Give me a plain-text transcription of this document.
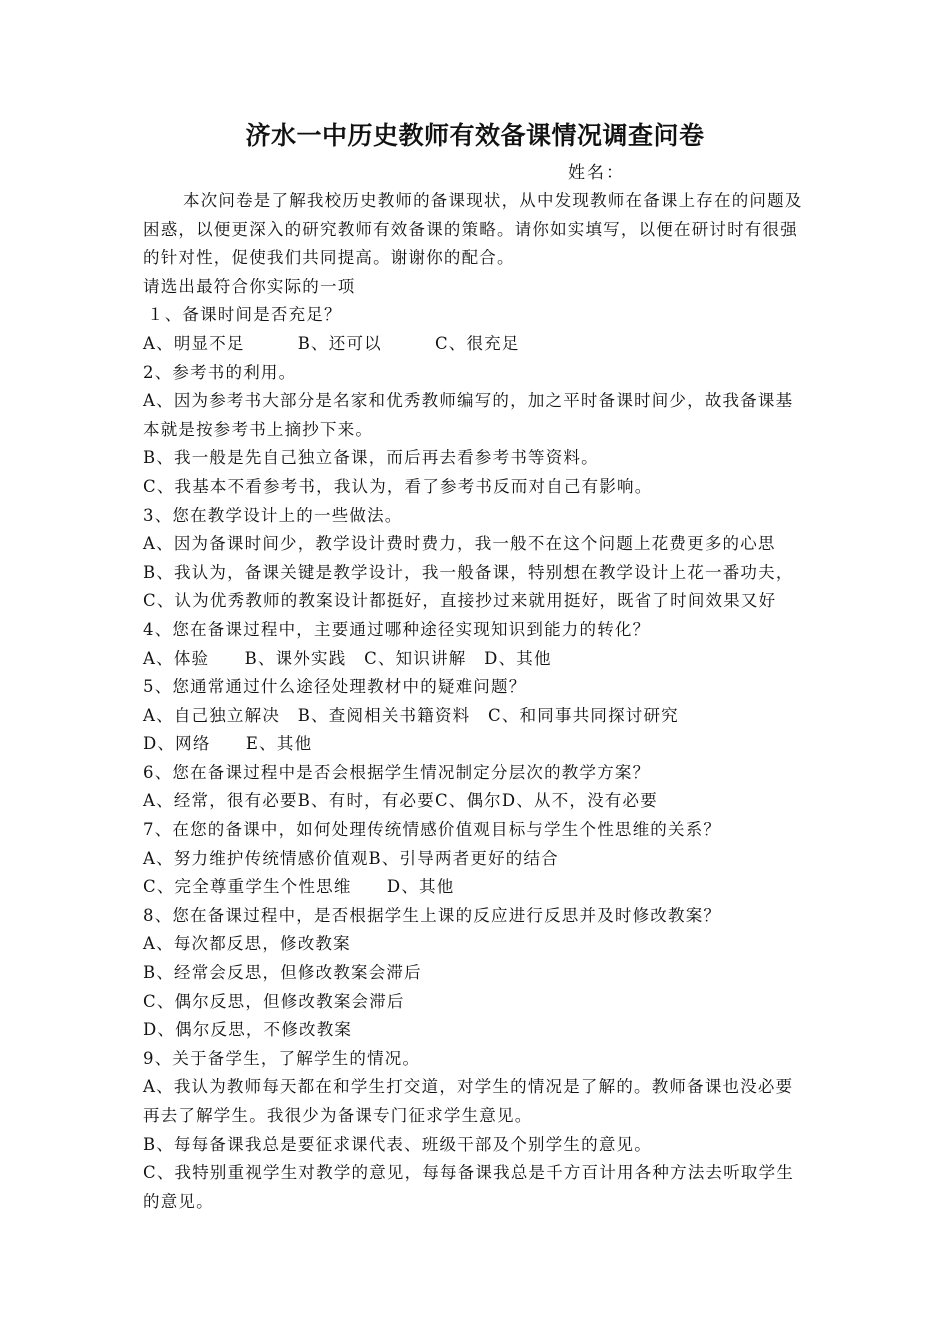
济水一中历史教师有效备课情况调查问卷
姓名：

本次问卷是了解我校历史教师的备课现状，从中发现教师在备课上存在的问题及困惑，以便更深入的研究教师有效备课的策略。请你如实填写，以便在研讨时有很强的针对性，促使我们共同提高。谢谢你的配合。

请选出最符合你实际的一项

１、备课时间是否充足？

A、明显不足　　　B、还可以　　　C、很充足

2、参考书的利用。

A、因为参考书大部分是名家和优秀教师编写的，加之平时备课时间少，故我备课基本就是按参考书上摘抄下来。

B、我一般是先自己独立备课，而后再去看参考书等资料。

C、我基本不看参考书，我认为，看了参考书反而对自己有影响。

3、您在教学设计上的一些做法。

A、因为备课时间少，教学设计费时费力，我一般不在这个问题上花费更多的心思

B、我认为，备课关键是教学设计，我一般备课，特别想在教学设计上花一番功夫，

C、认为优秀教师的教案设计都挺好，直接抄过来就用挺好，既省了时间效果又好

4、您在备课过程中，主要通过哪种途径实现知识到能力的转化？

A、体验　　B、课外实践　C、知识讲解　D、其他

5、您通常通过什么途径处理教材中的疑难问题？

A、自己独立解决　B、查阅相关书籍资料　C、和同事共同探讨研究

D、网络　　E、其他

6、您在备课过程中是否会根据学生情况制定分层次的教学方案？

A、经常，很有必要B、有时，有必要C、偶尔D、从不，没有必要

7、在您的备课中，如何处理传统情感价值观目标与学生个性思维的关系？

A、努力维护传统情感价值观B、引导两者更好的结合

C、完全尊重学生个性思维　　D、其他

8、您在备课过程中，是否根据学生上课的反应进行反思并及时修改教案？

A、每次都反思，修改教案

B、经常会反思，但修改教案会滞后

C、偶尔反思，但修改教案会滞后

D、偶尔反思，不修改教案

9、关于备学生，了解学生的情况。

A、我认为教师每天都在和学生打交道，对学生的情况是了解的。教师备课也没必要再去了解学生。我很少为备课专门征求学生意见。

B、每每备课我总是要征求课代表、班级干部及个别学生的意见。

C、我特别重视学生对教学的意见，每每备课我总是千方百计用各种方法去听取学生的意见。
